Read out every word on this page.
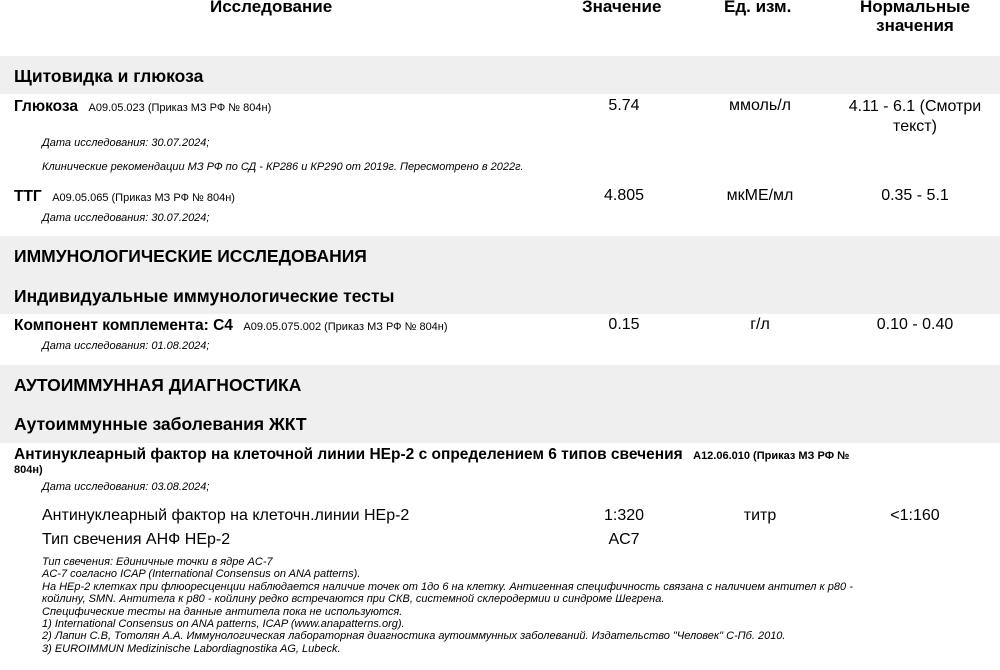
Исследование	Значение	Ед. изм.	Нормальные
значения
Щитовидка и глюкоза
Глюкоза A09.05.023 (Приказ МЗ РФ № 804н)	5.74	ммоль/л	4.11 - 6.1 (Смотри
текст)
Дата исследования: 30.07.2024;
Клинические рекомендации МЗ РФ по СД - КР286 и КР290 от 2019г. Пересмотрено в 2022г.
ТТГ A09.05.065 (Приказ МЗ РФ № 804н)	4.805	мкМЕ/мл	0.35 - 5.1
Дата исследования: 30.07.2024;
ИММУНОЛОГИЧЕСКИЕ ИССЛЕДОВАНИЯ
Индивидуальные иммунологические тесты
Компонент комплемента: C4 A09.05.075.002 (Приказ МЗ РФ № 804н)	0.15	г/л	0.10 - 0.40
Дата исследования: 01.08.2024;
АУТОИММУННАЯ ДИАГНОСТИКА
Аутоиммунные заболевания ЖКТ
Антинуклеарный фактор на клеточной линии HEp-2 с определением 6 типов свечения A12.06.010 (Приказ МЗ РФ №
804н)
Дата исследования: 03.08.2024;
Антинуклеарный фактор на клеточн.линии HEp-2	1:320	титр	<1:160
Тип свечения АНФ HEp-2	AC7

Тип свечения: Единичные точки в ядре AC-7

AC-7 согласно ICAP (International Consensus on ANA patterns).

На HEp-2 клетках при флюоресценции наблюдается наличие точек от 1до 6 на клетку. Антигенная специфичность связана с наличием антител к p80 -

койлину, SMN. Антитела к p80 - койлину редко встречаются при СКВ, системной склеродермии и синдроме Шегрена.

Специфические тесты на данные антитела пока не используются.

1) International Consensus on ANA patterns, ICAP (www.anapatterns.org).

2) Лапин С.В, Тотолян А.А. Иммунологическая лабораторная диагностика аутоиммунных заболеваний. Издательство "Человек" С-Пб. 2010.

3) EUROIMMUN Medizinische Labordiagnostika AG, Lubeck.
